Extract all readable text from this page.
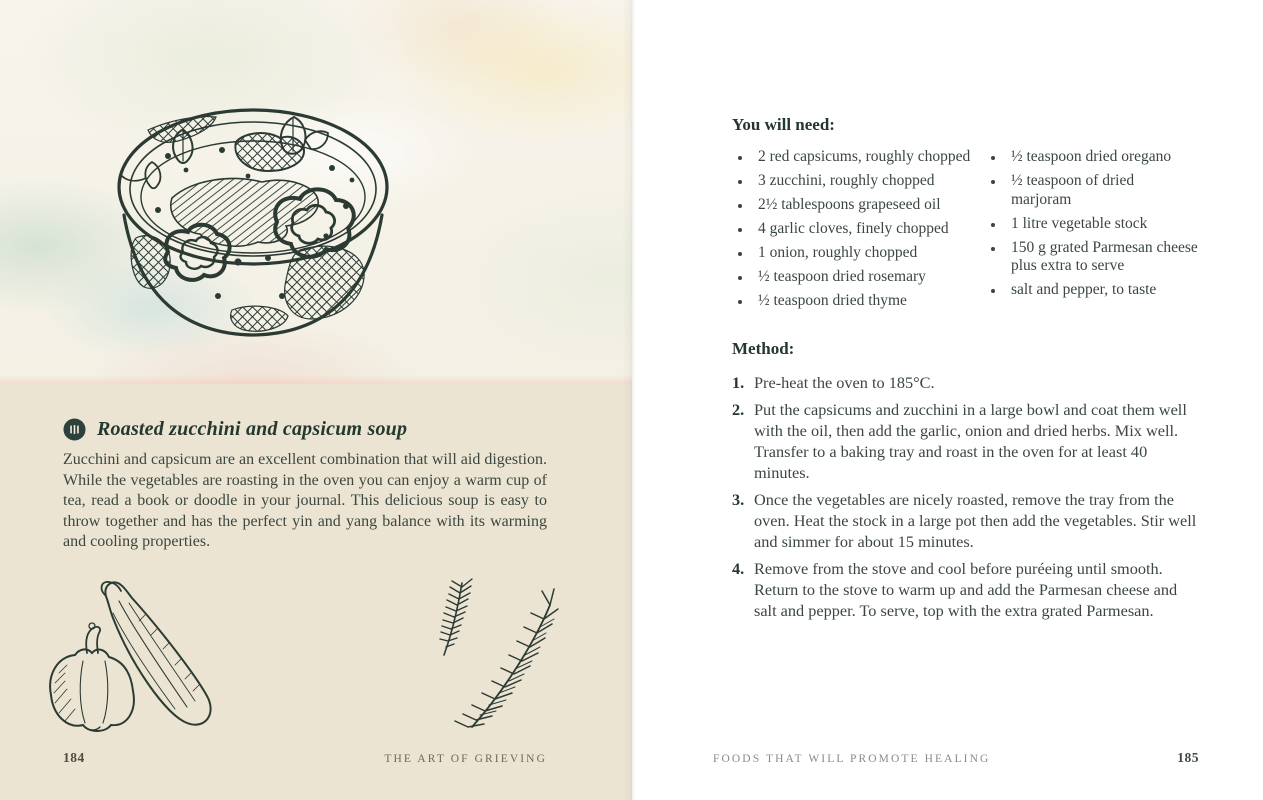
Roasted zucchini and capsicum soup

Zucchini and capsicum are an excellent combination that will aid digestion. While the vegetables are roasting in the oven you can enjoy a warm cup of tea, read a book or doodle in your journal. This delicious soup is easy to throw together and has the perfect yin and yang balance with its warming and cooling properties.

184	THE ART OF GRIEVING
You will need:
• 2 red capsicums, roughly chopped
• 3 zucchini, roughly chopped
• 2½ tablespoons grapeseed oil
• 4 garlic cloves, finely chopped
• 1 onion, roughly chopped
• ½ teaspoon dried rosemary
• ½ teaspoon dried thyme
• ½ teaspoon dried oregano
• ½ teaspoon of dried marjoram
• 1 litre vegetable stock
• 150 g grated Parmesan cheese plus extra to serve
• salt and pepper, to taste
Method:
1. Pre-heat the oven to 185°C.
2. Put the capsicums and zucchini in a large bowl and coat them well with the oil, then add the garlic, onion and dried herbs. Mix well. Transfer to a baking tray and roast in the oven for at least 40 minutes.
3. Once the vegetables are nicely roasted, remove the tray from the oven. Heat the stock in a large pot then add the vegetables. Stir well and simmer for about 15 minutes.
4. Remove from the stove and cool before puréeing until smooth. Return to the stove to warm up and add the Parmesan cheese and salt and pepper. To serve, top with the extra grated Parmesan.
FOODS THAT WILL PROMOTE HEALING	185
